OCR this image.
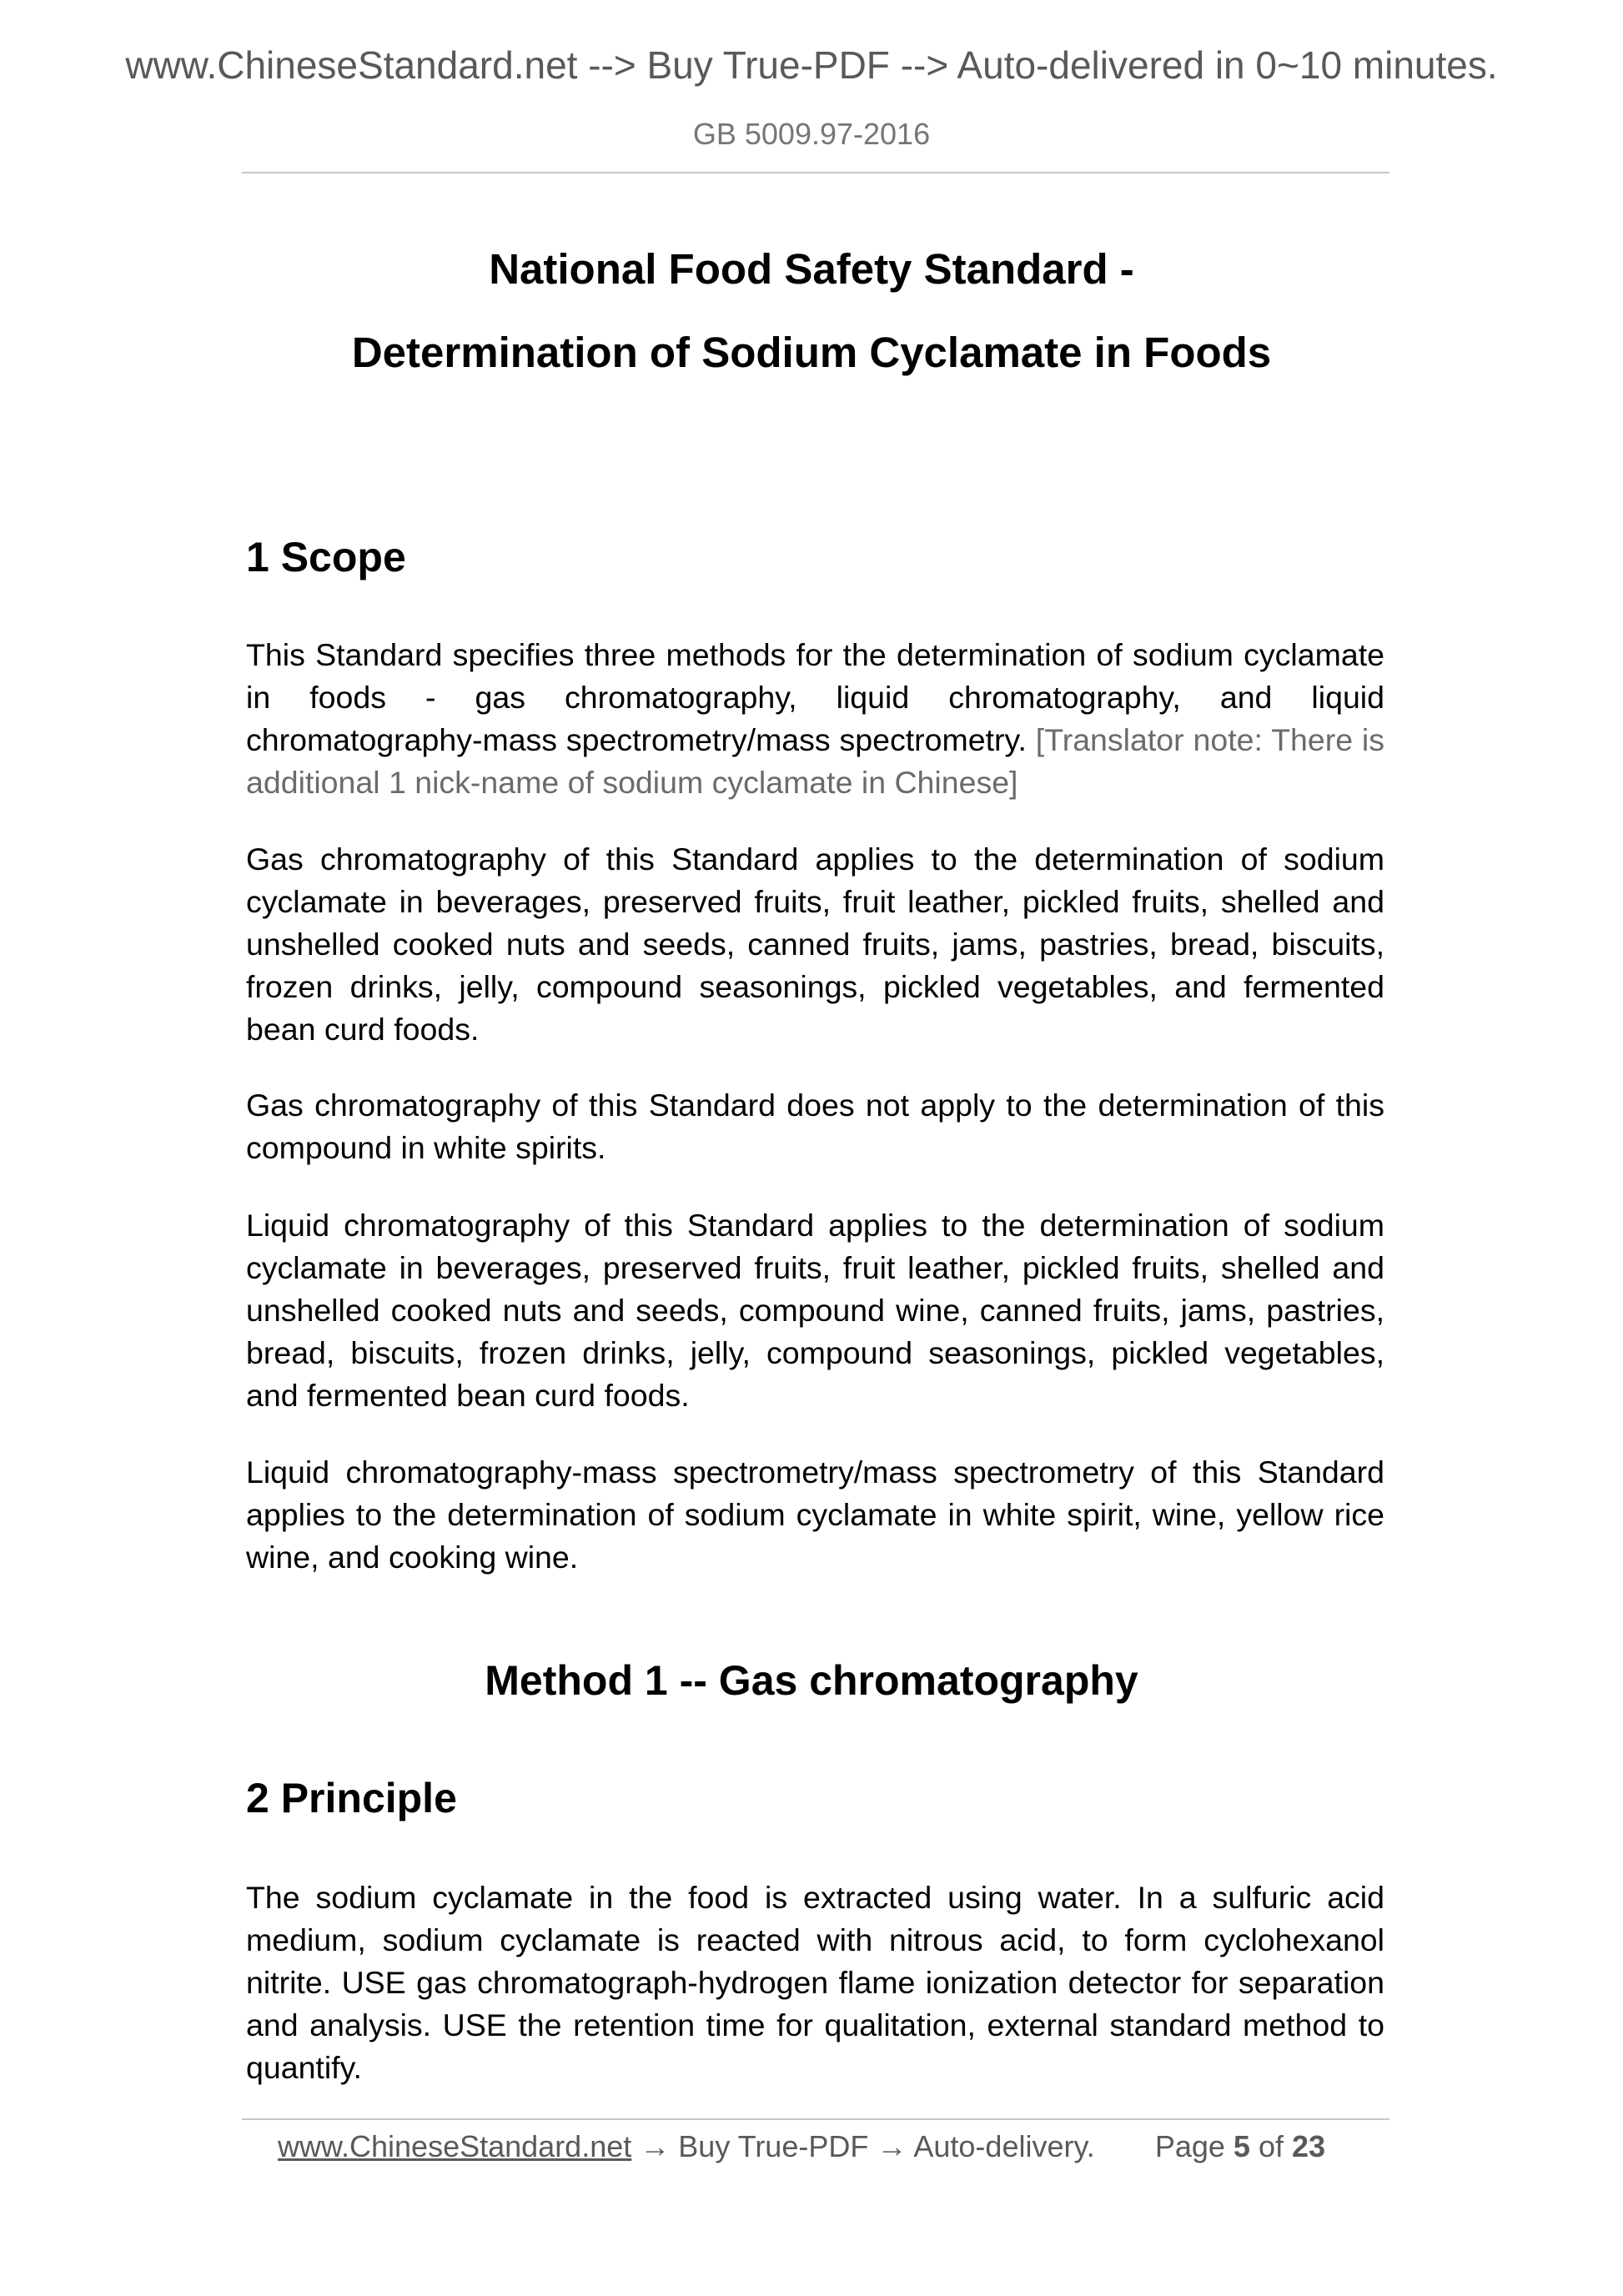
www.ChineseStandard.net --> Buy True-PDF --> Auto-delivered in 0~10 minutes.
GB 5009.97-2016
National Food Safety Standard -
Determination of Sodium Cyclamate in Foods
1 Scope

This Standard specifies three methods for the determination of sodium cyclamate in foods - gas chromatography, liquid chromatography, and liquid chromatography-mass spectrometry/mass spectrometry. [Translator note: There is additional 1 nick-name of sodium cyclamate in Chinese]

Gas chromatography of this Standard applies to the determination of sodium cyclamate in beverages, preserved fruits, fruit leather, pickled fruits, shelled and unshelled cooked nuts and seeds, canned fruits, jams, pastries, bread, biscuits, frozen drinks, jelly, compound seasonings, pickled vegetables, and fermented bean curd foods.

Gas chromatography of this Standard does not apply to the determination of this compound in white spirits.

Liquid chromatography of this Standard applies to the determination of sodium cyclamate in beverages, preserved fruits, fruit leather, pickled fruits, shelled and unshelled cooked nuts and seeds, compound wine, canned fruits, jams, pastries, bread, biscuits, frozen drinks, jelly, compound seasonings, pickled vegetables, and fermented bean curd foods.

Liquid chromatography-mass spectrometry/mass spectrometry of this Standard applies to the determination of sodium cyclamate in white spirit, wine, yellow rice wine, and cooking wine.

Method 1 -- Gas chromatography
2 Principle

The sodium cyclamate in the food is extracted using water. In a sulfuric acid medium, sodium cyclamate is reacted with nitrous acid, to form cyclohexanol nitrite. USE gas chromatograph-hydrogen flame ionization detector for separation and analysis. USE the retention time for qualitation, external standard method to quantify.

www.ChineseStandard.net → Buy True-PDF → Auto-delivery. Page 5 of 23
